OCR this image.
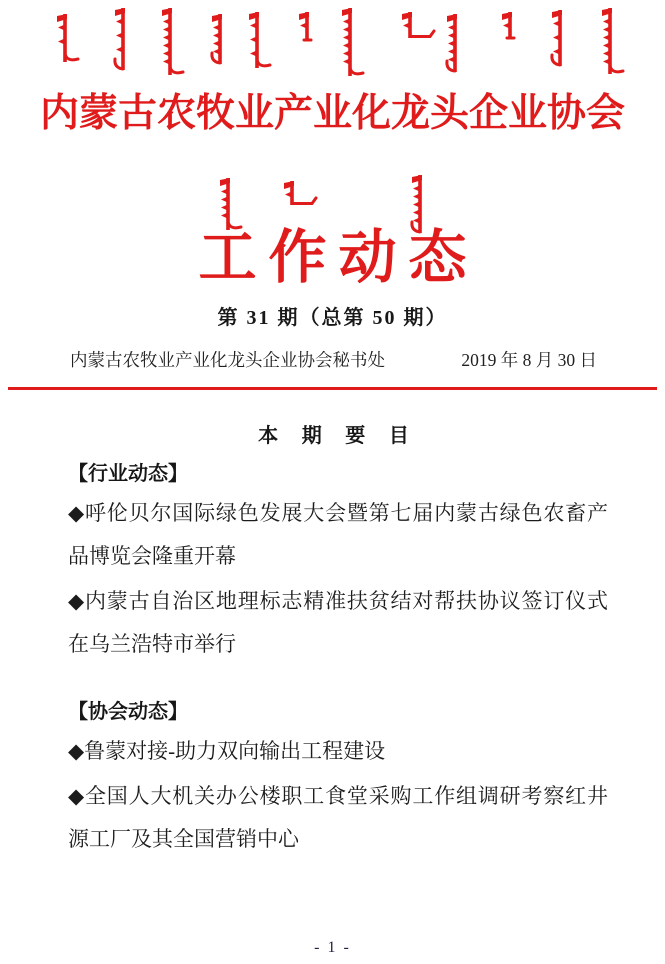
内蒙古农牧业产业化龙头企业协会
工作动态
第 31 期（总第 50 期）
内蒙古农牧业产业化龙头企业协会秘书处	2019 年 8 月 30 日
本 期 要 目
【行业动态】

◆呼伦贝尔国际绿色发展大会暨第七届内蒙古绿色农畜产品博览会隆重开幕

◆内蒙古自治区地理标志精准扶贫结对帮扶协议签订仪式在乌兰浩特市举行

【协会动态】

◆鲁蒙对接-助力双向输出工程建设

◆全国人大机关办公楼职工食堂采购工作组调研考察红井源工厂及其全国营销中心

- 1 -
